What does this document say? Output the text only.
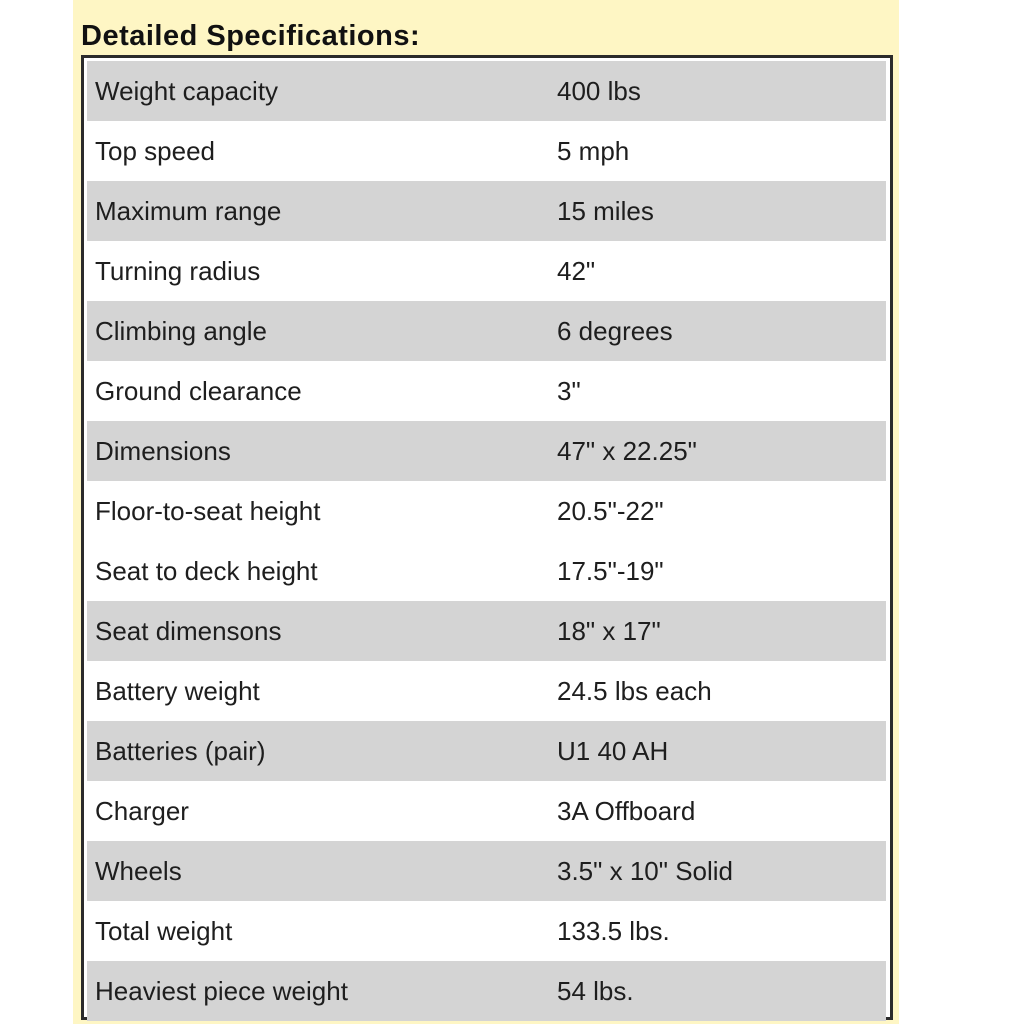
Detailed Specifications:
Weight capacity	400 lbs
Top speed	5 mph
Maximum range	15 miles
Turning radius	42"
Climbing angle	6 degrees
Ground clearance	3"
Dimensions	47" x 22.25"
Floor-to-seat height	20.5"-22"
Seat to deck height	17.5"-19"
Seat dimensons	18" x 17"
Battery weight	24.5 lbs each
Batteries (pair)	U1 40 AH
Charger	3A Offboard
Wheels	3.5" x 10" Solid
Total weight	133.5 lbs.
Heaviest piece weight	54 lbs.
